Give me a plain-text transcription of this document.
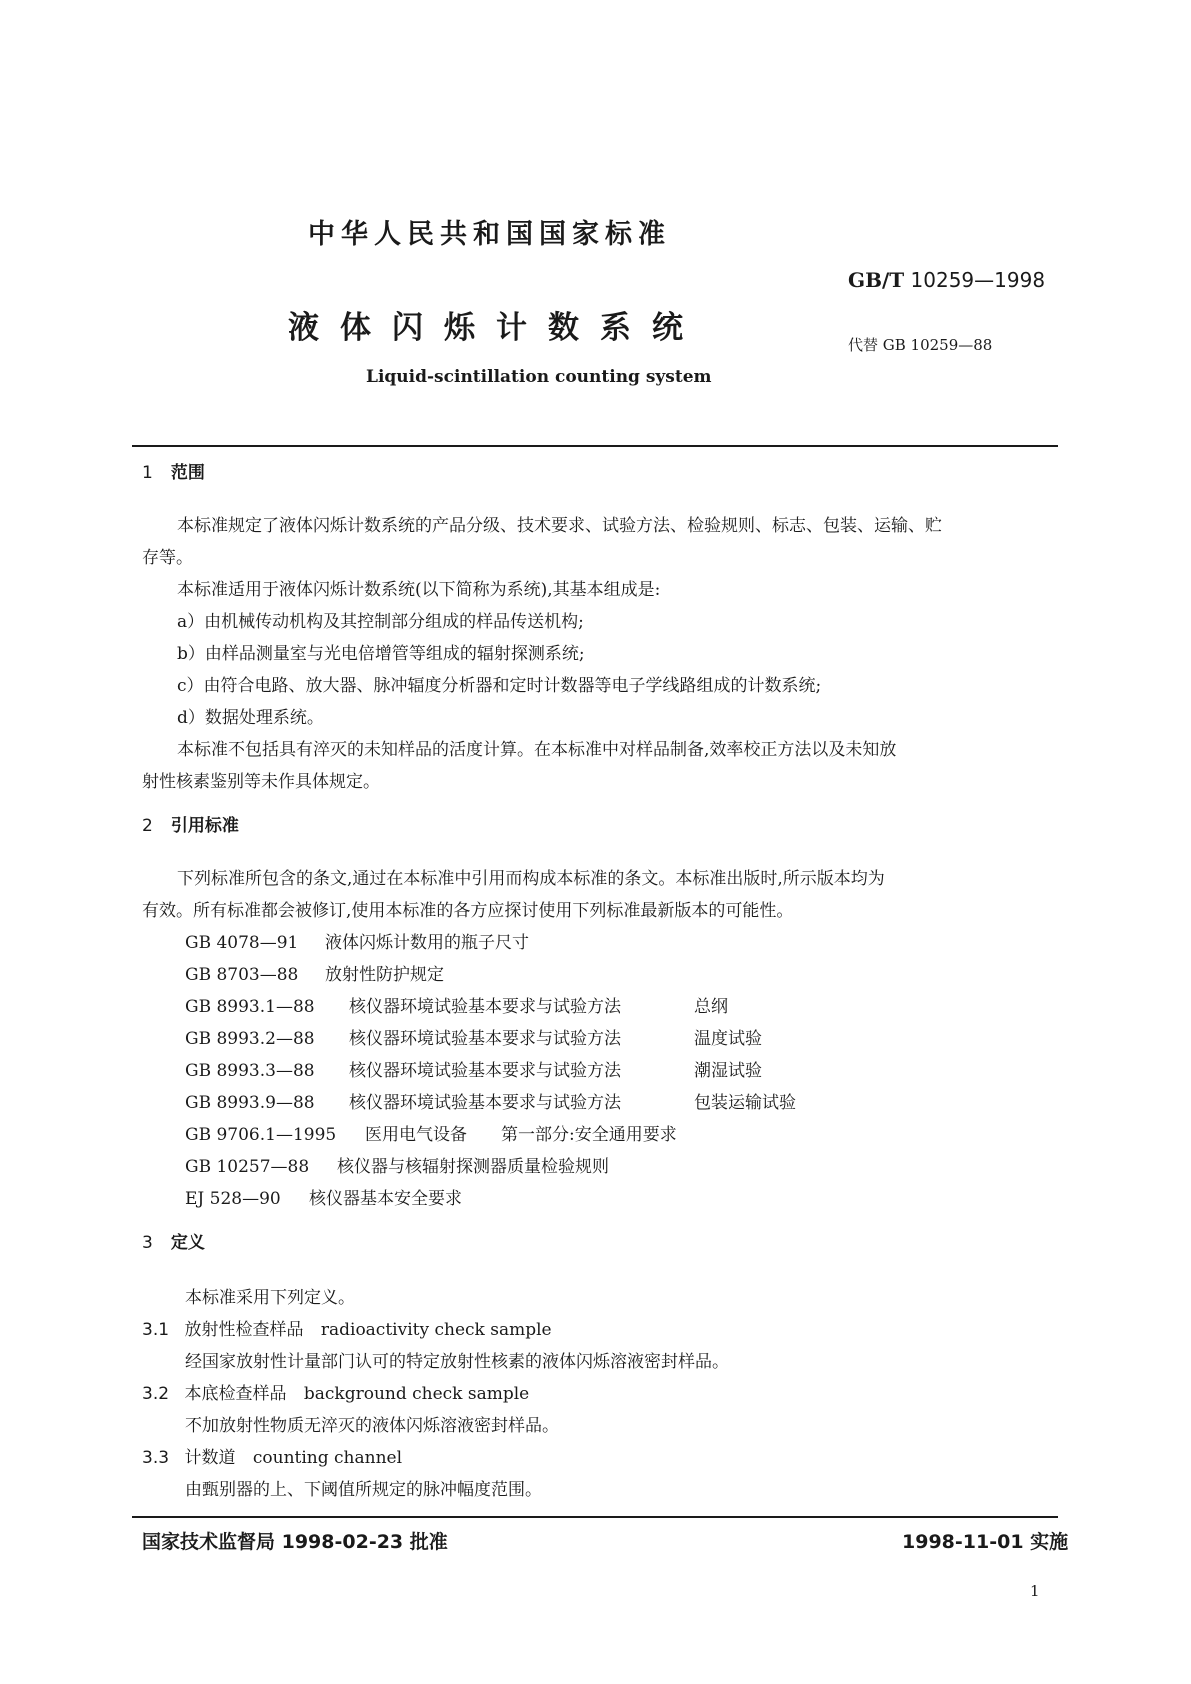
中华人民共和国国家标准
GB/T 10259—1998
液体闪烁计数系统	代替 GB 10259—88
Liquid-scintillation counting system
1 范围
本标准规定了液体闪烁计数系统的产品分级、技术要求、试验方法、检验规则、标志、包装、运输、贮
存等。
本标准适用于液体闪烁计数系统(以下简称为系统),其基本组成是:
a）由机械传动机构及其控制部分组成的样品传送机构;
b）由样品测量室与光电倍增管等组成的辐射探测系统;
c）由符合电路、放大器、脉冲辐度分析器和定时计数器等电子学线路组成的计数系统;
d）数据处理系统。
本标准不包括具有淬灭的未知样品的活度计算。在本标准中对样品制备,效率校正方法以及未知放
射性核素鉴别等未作具体规定。
2 引用标准
下列标准所包含的条文,通过在本标准中引用而构成本标准的条文。本标准出版时,所示版本均为
有效。所有标准都会被修订,使用本标准的各方应探讨使用下列标准最新版本的可能性。
GB 4078—91 液体闪烁计数用的瓶子尺寸
GB 8703—88 放射性防护规定
GB 8993.1—88 核仪器环境试验基本要求与试验方法	总纲
GB 8993.2—88 核仪器环境试验基本要求与试验方法	温度试验
GB 8993.3—88 核仪器环境试验基本要求与试验方法	潮湿试验
GB 8993.9—88 核仪器环境试验基本要求与试验方法	包装运输试验
GB 9706.1—1995 医用电气设备 第一部分:安全通用要求
GB 10257—88 核仪器与核辐射探测器质量检验规则
EJ 528—90 核仪器基本安全要求
3 定义
本标准采用下列定义。
3.1 放射性检查样品 radioactivity check sample
经国家放射性计量部门认可的特定放射性核素的液体闪烁溶液密封样品。
3.2 本底检查样品 background check sample
不加放射性物质无淬灭的液体闪烁溶液密封样品。
3.3 计数道 counting channel
由甄别器的上、下阈值所规定的脉冲幅度范围。
国家技术监督局 1998-02-23 批准	1998-11-01 实施
1
